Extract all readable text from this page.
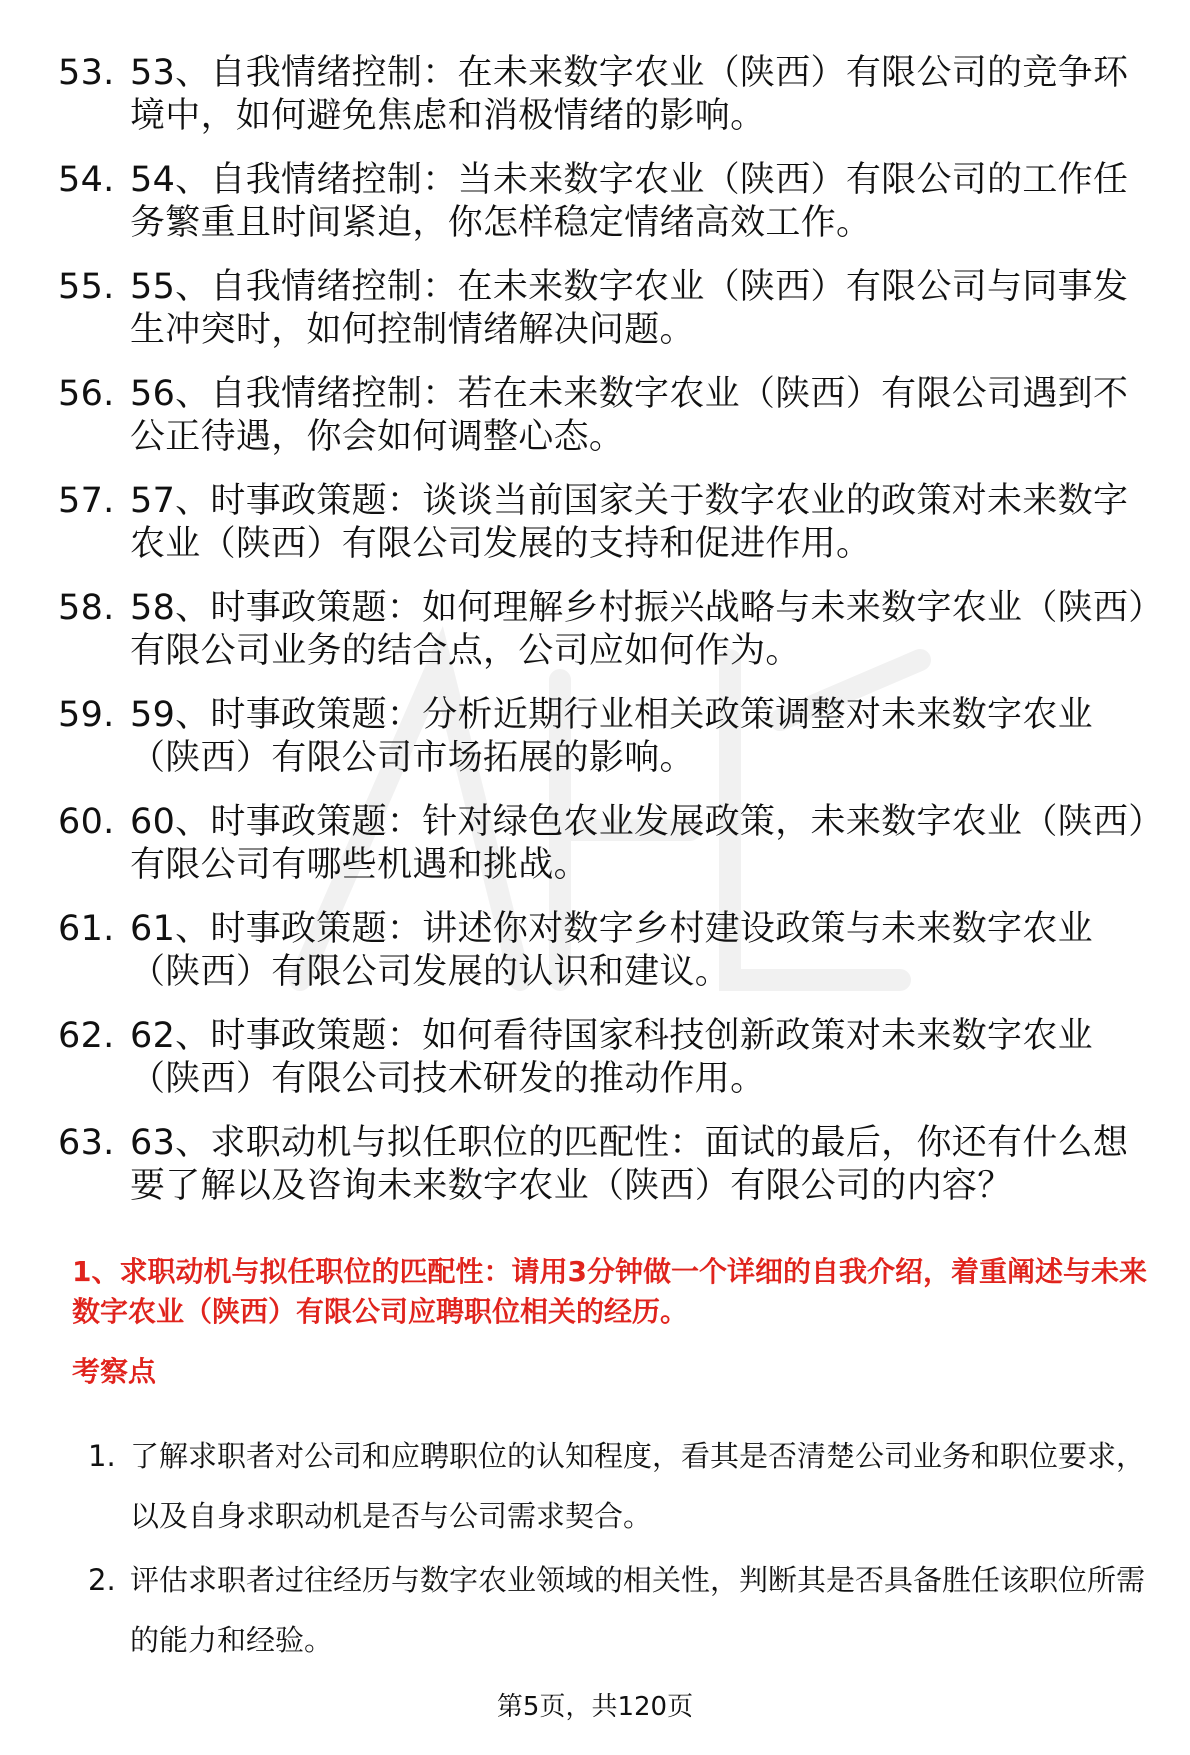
53. 53、自我情绪控制：在未来数字农业（陕西）有限公司的竞争环境中，如何避免焦虑和消极情绪的影响。
54. 54、自我情绪控制：当未来数字农业（陕西）有限公司的工作任务繁重且时间紧迫，你怎样稳定情绪高效工作。
55. 55、自我情绪控制：在未来数字农业（陕西）有限公司与同事发生冲突时，如何控制情绪解决问题。
56. 56、自我情绪控制：若在未来数字农业（陕西）有限公司遇到不公正待遇，你会如何调整心态。
57. 57、时事政策题：谈谈当前国家关于数字农业的政策对未来数字农业（陕西）有限公司发展的支持和促进作用。
58. 58、时事政策题：如何理解乡村振兴战略与未来数字农业（陕西）有限公司业务的结合点，公司应如何作为。
59. 59、时事政策题：分析近期行业相关政策调整对未来数字农业（陕西）有限公司市场拓展的影响。
60. 60、时事政策题：针对绿色农业发展政策，未来数字农业（陕西）有限公司有哪些机遇和挑战。
61. 61、时事政策题：讲述你对数字乡村建设政策与未来数字农业（陕西）有限公司发展的认识和建议。
62. 62、时事政策题：如何看待国家科技创新政策对未来数字农业（陕西）有限公司技术研发的推动作用。
63. 63、求职动机与拟任职位的匹配性：面试的最后，你还有什么想要了解以及咨询未来数字农业（陕西）有限公司的内容？
1、求职动机与拟任职位的匹配性：请用3分钟做一个详细的自我介绍，着重阐述与未来数字农业（陕西）有限公司应聘职位相关的经历。
考察点
1. 了解求职者对公司和应聘职位的认知程度，看其是否清楚公司业务和职位要求，以及自身求职动机是否与公司需求契合。
2. 评估求职者过往经历与数字农业领域的相关性，判断其是否具备胜任该职位所需的能力和经验。
第5页，共120页
